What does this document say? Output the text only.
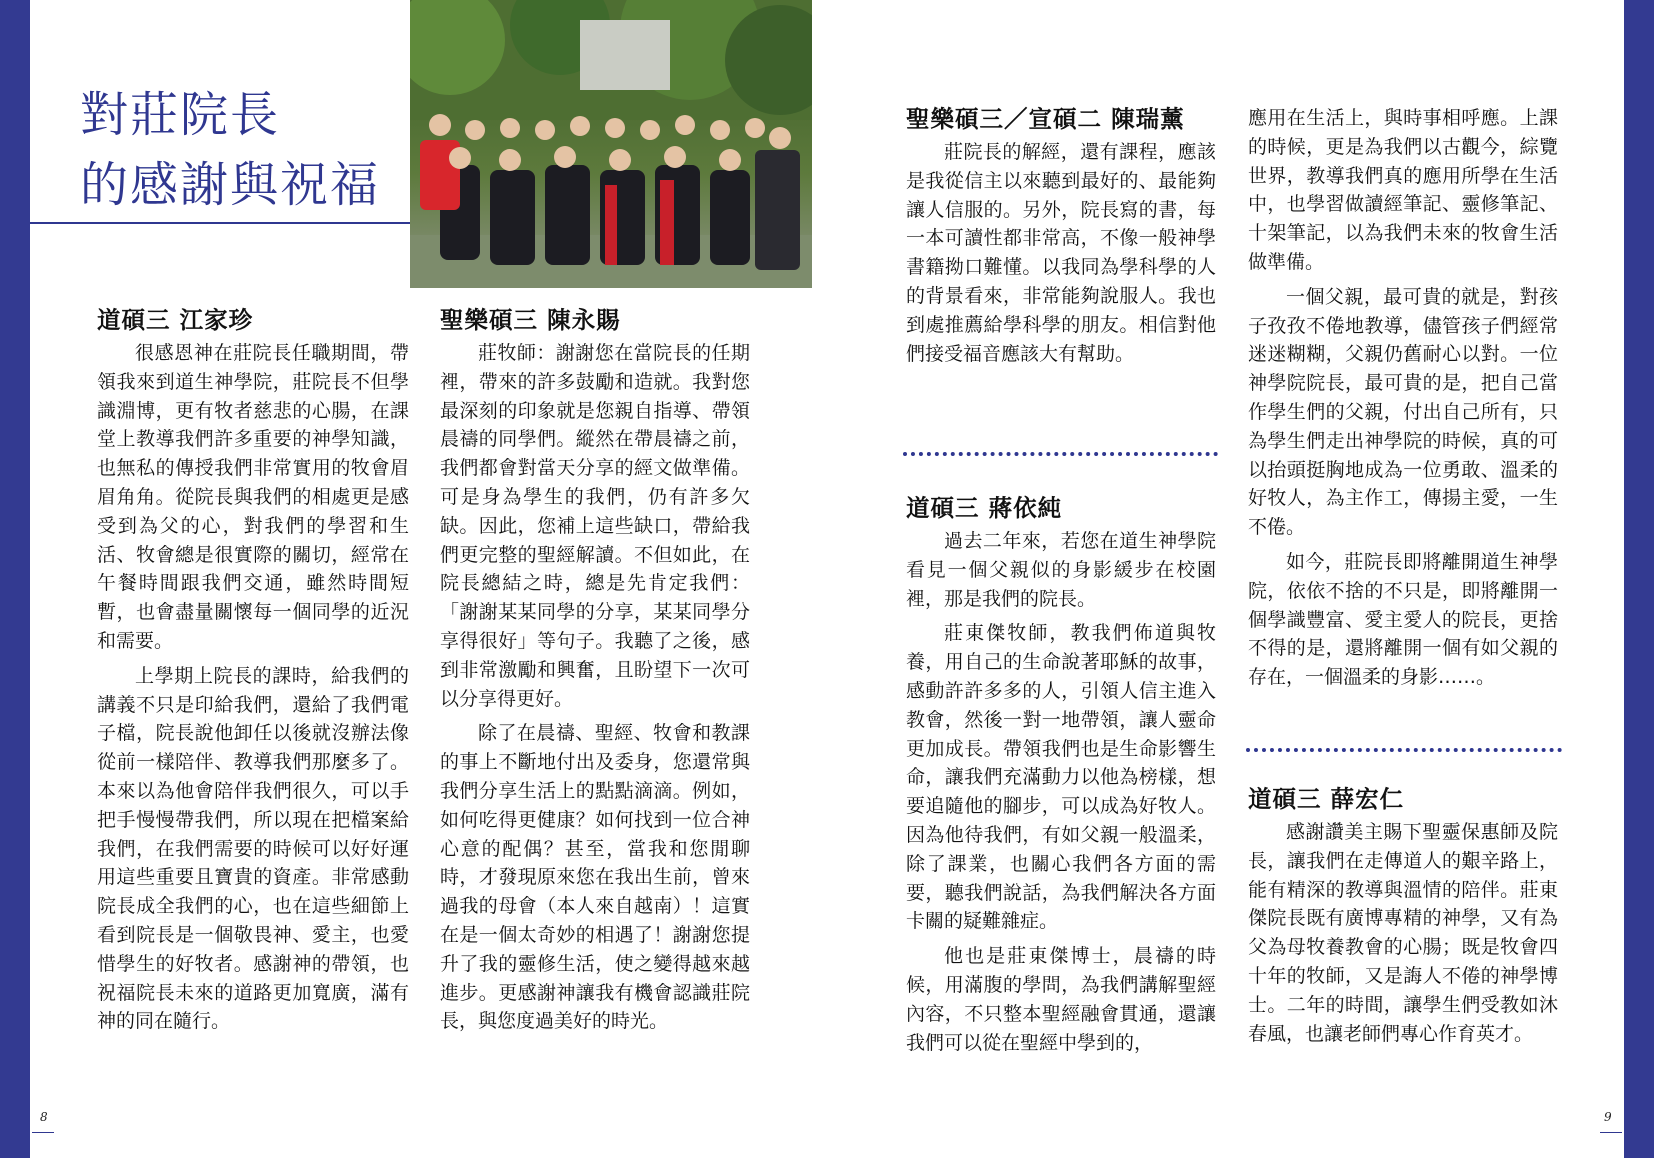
對莊院長
的感謝與祝福
道碩三 江家珍

很感恩神在莊院長任職期間，帶領我來到道生神學院，莊院長不但學識淵博，更有牧者慈悲的心腸，在課堂上教導我們許多重要的神學知識，也無私的傳授我們非常實用的牧會眉眉角角。從院長與我們的相處更是感受到為父的心，對我們的學習和生活、牧會總是很實際的關切，經常在午餐時間跟我們交通，雖然時間短暫，也會盡量關懷每一個同學的近況和需要。

上學期上院長的課時，給我們的講義不只是印給我們，還給了我們電子檔，院長說他卸任以後就沒辦法像從前一樣陪伴、教導我們那麼多了。本來以為他會陪伴我們很久，可以手把手慢慢帶我們，所以現在把檔案給我們，在我們需要的時候可以好好運用這些重要且寶貴的資產。非常感動院長成全我們的心，也在這些細節上看到院長是一個敬畏神、愛主，也愛惜學生的好牧者。感謝神的帶領，也祝福院長未來的道路更加寬廣，滿有神的同在隨行。

聖樂碩三 陳永賜

莊牧師：謝謝您在當院長的任期裡，帶來的許多鼓勵和造就。我對您最深刻的印象就是您親自指導、帶領晨禱的同學們。縱然在帶晨禱之前，我們都會對當天分享的經文做準備。可是身為學生的我們，仍有許多欠缺。因此，您補上這些缺口，帶給我們更完整的聖經解讀。不但如此，在院長總結之時，總是先肯定我們：「謝謝某某同學的分享，某某同學分享得很好」等句子。我聽了之後，感到非常激勵和興奮，且盼望下一次可以分享得更好。

除了在晨禱、聖經、牧會和教課的事上不斷地付出及委身，您還常與我們分享生活上的點點滴滴。例如，如何吃得更健康？如何找到一位合神心意的配偶？甚至，當我和您閒聊時，才發現原來您在我出生前，曾來過我的母會（本人來自越南）！這實在是一個太奇妙的相遇了！謝謝您提升了我的靈修生活，使之變得越來越進步。更感謝神讓我有機會認識莊院長，與您度過美好的時光。

聖樂碩三／宣碩二 陳瑞薰

莊院長的解經，還有課程，應該是我從信主以來聽到最好的、最能夠讓人信服的。另外，院長寫的書，每一本可讀性都非常高，不像一般神學書籍拗口難懂。以我同為學科學的人的背景看來，非常能夠說服人。我也到處推薦給學科學的朋友。相信對他們接受福音應該大有幫助。

道碩三 蔣依純

過去二年來，若您在道生神學院看見一個父親似的身影緩步在校園裡，那是我們的院長。

莊東傑牧師，教我們佈道與牧養，用自己的生命說著耶穌的故事，感動許許多多的人，引領人信主進入教會，然後一對一地帶領，讓人靈命更加成長。帶領我們也是生命影響生命，讓我們充滿動力以他為榜樣，想要追隨他的腳步，可以成為好牧人。因為他待我們，有如父親一般溫柔，除了課業，也關心我們各方面的需要，聽我們說話，為我們解決各方面卡關的疑難雜症。

他也是莊東傑博士，晨禱的時候，用滿腹的學問，為我們講解聖經內容，不只整本聖經融會貫通，還讓我們可以從在聖經中學到的，

應用在生活上，與時事相呼應。上課的時候，更是為我們以古觀今，綜覽世界，教導我們真的應用所學在生活中，也學習做讀經筆記、靈修筆記、十架筆記，以為我們未來的牧會生活做準備。

一個父親，最可貴的就是，對孩子孜孜不倦地教導，儘管孩子們經常迷迷糊糊，父親仍舊耐心以對。一位神學院院長，最可貴的是，把自己當作學生們的父親，付出自己所有，只為學生們走出神學院的時候，真的可以抬頭挺胸地成為一位勇敢、溫柔的好牧人，為主作工，傳揚主愛，一生不倦。

如今，莊院長即將離開道生神學院，依依不捨的不只是，即將離開一個學識豐富、愛主愛人的院長，更捨不得的是，還將離開一個有如父親的存在，一個溫柔的身影……。

道碩三 薛宏仁

感謝讚美主賜下聖靈保惠師及院長，讓我們在走傳道人的艱辛路上，能有精深的教導與溫情的陪伴。莊東傑院長既有廣博專精的神學，又有為父為母牧養教會的心腸；既是牧會四十年的牧師，又是誨人不倦的神學博士。二年的時間，讓學生們受教如沐春風，也讓老師們專心作育英才。

8	9
